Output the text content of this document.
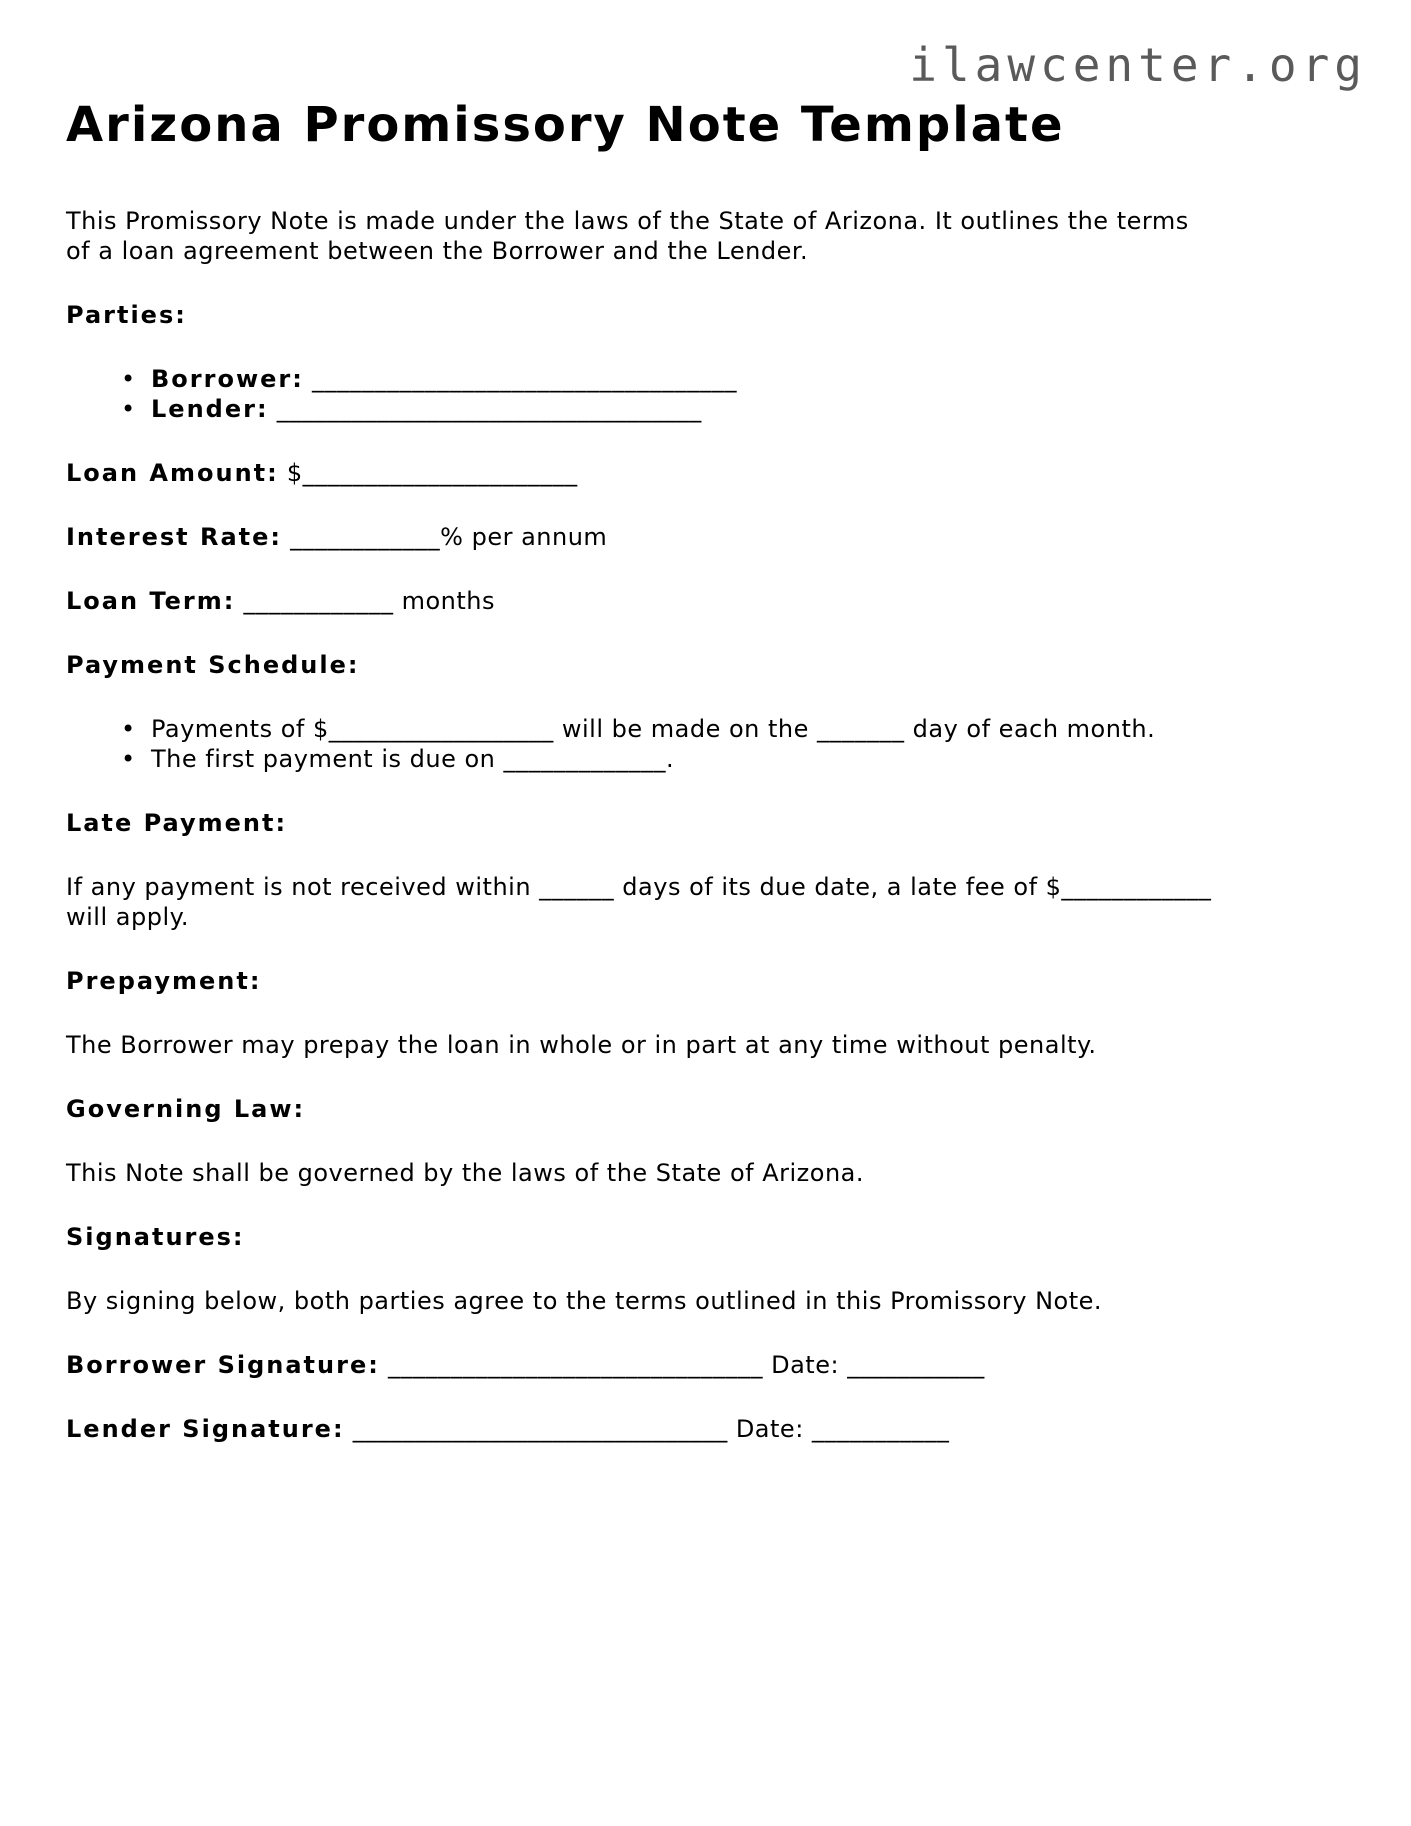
ilawcenter.org
Arizona Promissory Note Template

This Promissory Note is made under the laws of the State of Arizona. It outlines the terms of a loan agreement between the Borrower and the Lender.

Parties:

• Borrower: __________________________________
• Lender: __________________________________

Loan Amount: $______________________

Interest Rate: ____________% per annum

Loan Term: ____________ months

Payment Schedule:

• Payments of $__________________ will be made on the _______ day of each month.
• The first payment is due on _____________.

Late Payment:

If any payment is not received within ______ days of its due date, a late fee of $____________ will apply.

Prepayment:

The Borrower may prepay the loan in whole or in part at any time without penalty.

Governing Law:

This Note shall be governed by the laws of the State of Arizona.

Signatures:

By signing below, both parties agree to the terms outlined in this Promissory Note.

Borrower Signature: ______________________________ Date: ___________

Lender Signature: ______________________________ Date: ___________
